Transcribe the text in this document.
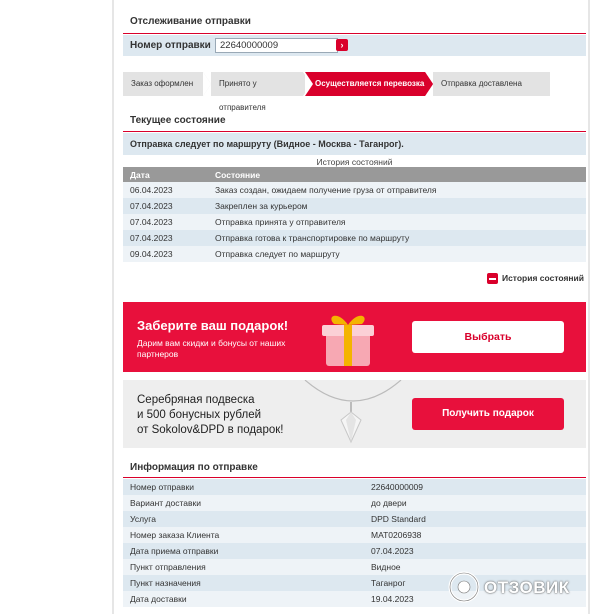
Отслеживание отправки
Номер отправки
22640000009	›
Заказ оформлен	Принято у отправителя
Осуществляется перевозка	Отправка доставлена
Текущее состояние
Отправка следует по маршруту (Видное - Москва - Таганрог).
История состояний
Дата	Состояние
06.04.2023	Заказ создан, ожидаем получение груза от отправителя
07.04.2023	Закреплен за курьером
07.04.2023	Отправка принята у отправителя
07.04.2023	Отправка готова к транспортировке по маршруту
09.04.2023	Отправка следует по маршруту
История состояний
Заберите ваш подарок!
Дарим вам скидки и бонусы от наших партнеров
Выбрать
Серебряная подвеска
и 500 бонусных рублей
от Sokolov&DPD в подарок!
Получить подарок
Информация по отправке
Номер отправки	22640000009
Вариант доставки	до двери
Услуга	DPD Standard
Номер заказа Клиента	MAT0206938
Дата приема отправки	07.04.2023
Пункт отправления	Видное
Пункт назначения	Таганрог
Дата доставки	19.04.2023
ОТЗОВИК
